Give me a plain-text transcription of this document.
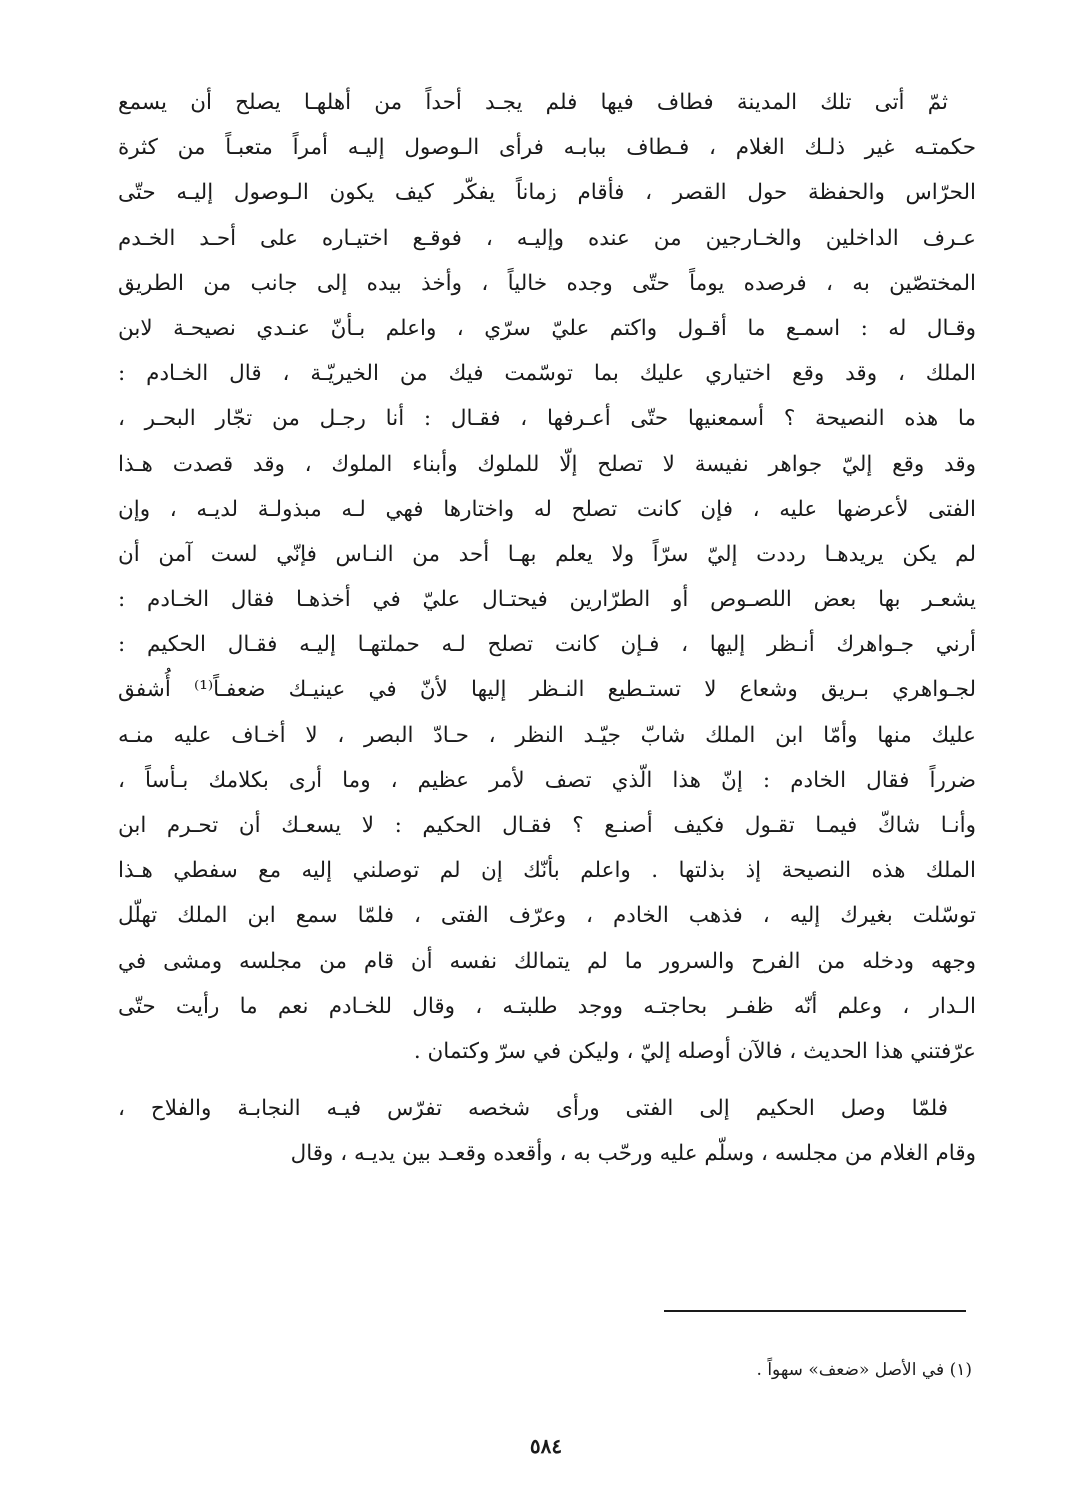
ثمّ أتى تلك المدينة فطاف فيها فلم يجـد أحداً من أهلهـا يصلح أن يسمع
حكمتـه غير ذلـك الغلام ، فـطاف ببابـه فرأى الـوصول إليـه أمراً متعبـاً من كثرة
الحرّاس والحفظة حول القصر ، فأقام زماناً يفكّر كيف يكون الـوصول إليـه حتّى
عـرف الداخلين والخـارجين من عنده وإليـه ، فوقـع اختيـاره على أحـد الخـدم
المختصّين به ، فرصده يوماً حتّى وجده خالياً ، وأخذ بيده إلى جانب من الطريق
وقـال له : اسمـع ما أقـول واكتم عليّ سرّي ، واعلم بـأنّ عنـدي نصيحـة لابن
الملك ، وقد وقع اختياري عليك بما توسّمت فيك من الخيريّـة ، قال الخـادم :
ما هذه النصيحة ؟ أسمعنيها حتّى أعـرفها ، فقـال : أنا رجـل من تجّار البحـر ،
وقد وقع إليّ جواهر نفيسة لا تصلح إلّا للملوك وأبناء الملوك ، وقد قصدت هـذا
الفتى لأعرضها عليه ، فإن كانت تصلح له واختارها فهي لـه مبذولـة لديـه ، وإن
لم يكن يريدهـا رددت إليّ سرّاً ولا يعلم بهـا أحد من النـاس فإنّي لست آمن أن
يشعـر بها بعض اللصـوص أو الطرّارين فيحتـال عليّ في أخذهـا فقال الخـادم :
أرني جـواهرك أنـظر إليها ، فـإن كانت تصلح لـه حملتهـا إليـه فقـال الحكيم :
لجـواهري بـريق وشعاع لا تستـطيع النـظر إليها لأنّ في عينيـك ضعفـاً⁽¹⁾ أُشفق
عليك منها وأمّا ابن الملك شابّ جيّـد النظر ، حـادّ البصر ، لا أخـاف عليه منـه
ضرراً فقال الخادم : إنّ هذا الّذي تصف لأمر عظيم ، وما أرى بكلامك بـأساً ،
وأنـا شاكّ فيمـا تقـول فكيف أصنـع ؟ فقـال الحكيم : لا يسعـك أن تحـرم ابن
الملك هذه النصيحة إذ بذلتها . واعلم بأنّك إن لم توصلني إليه مع سفطي هـذا
توسّلت بغيرك إليه ، فذهب الخادم ، وعرّف الفتى ، فلمّا سمع ابن الملك تهلّل
وجهه ودخله من الفرح والسرور ما لم يتمالك نفسه أن قام من مجلسه ومشى في
الـدار ، وعلم أنّه ظفـر بحاجتـه ووجد طلبتـه ، وقال للخـادم نعم ما رأيت حتّى
عرّفتني هذا الحديث ، فالآن أوصله إليّ ، وليكن في سرّ وكتمان .
فلمّا وصل الحكيم إلى الفتى ورأى شخصه تفرّس فيـه النجابـة والفلاح ،
وقام الغلام من مجلسه ، وسلّم عليه ورحّب به ، وأقعده وقعـد بين يديـه ، وقال
(١) في الأصل «ضعف» سهواً .
٥٨٤
